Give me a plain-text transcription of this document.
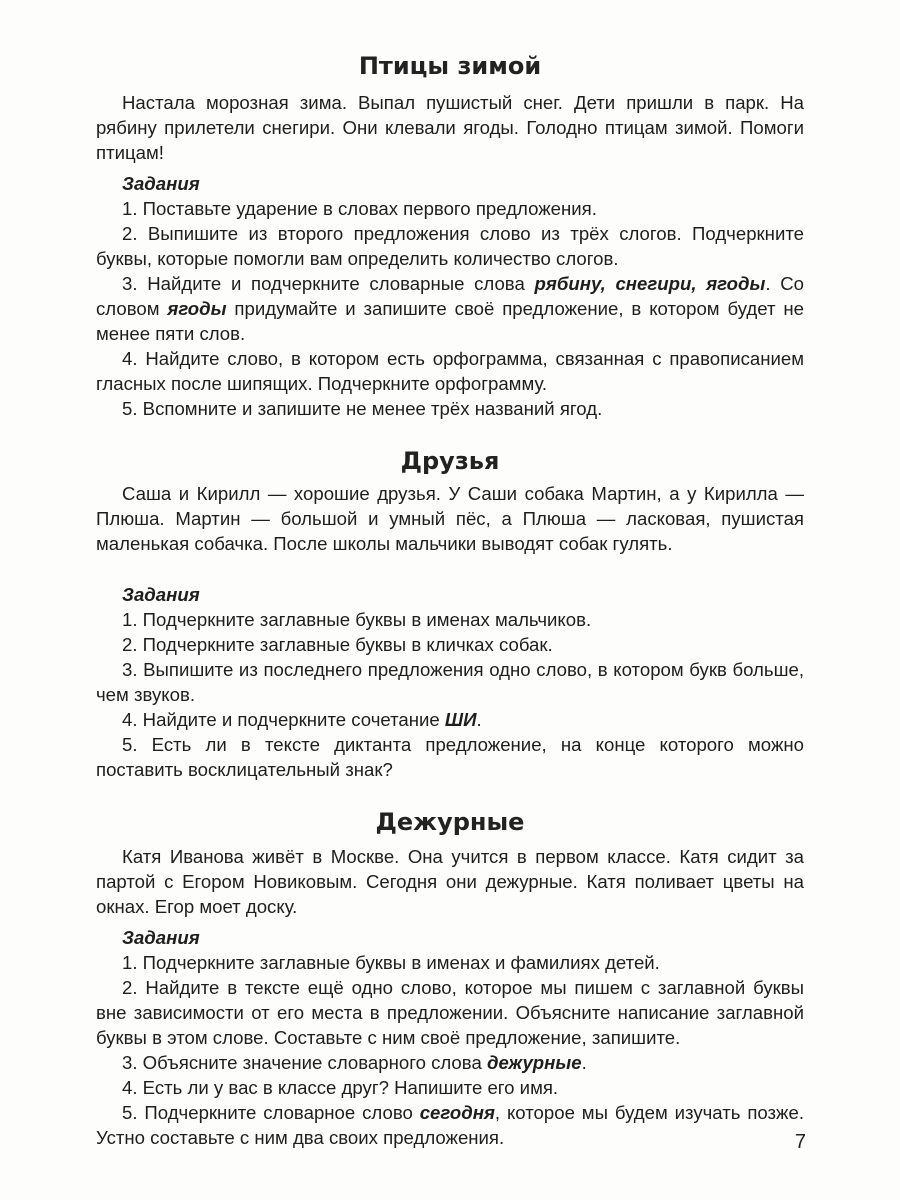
Птицы зимой

Настала морозная зима. Выпал пушистый снег. Дети пришли в парк. На рябину прилетели снегири. Они клевали ягоды. Голодно птицам зимой. Помоги птицам!

Задания
1. Поставьте ударение в словах первого предложения.
2. Выпишите из второго предложения слово из трёх слогов. Подчеркните буквы, которые помогли вам определить количество слогов.
3. Найдите и подчеркните словарные слова рябину, снегири, ягоды. Со словом ягоды придумайте и запишите своё предложение, в котором будет не менее пяти слов.
4. Найдите слово, в котором есть орфограмма, связанная с правописанием гласных после шипящих. Подчеркните орфограмму.
5. Вспомните и запишите не менее трёх названий ягод.
Друзья

Саша и Кирилл — хорошие друзья. У Саши собака Мартин, а у Кирилла — Плюша. Мартин — большой и умный пёс, а Плюша — ласковая, пушистая маленькая собачка. После школы мальчики выводят собак гулять.

Задания
1. Подчеркните заглавные буквы в именах мальчиков.
2. Подчеркните заглавные буквы в кличках собак.
3. Выпишите из последнего предложения одно слово, в котором букв больше, чем звуков.
4. Найдите и подчеркните сочетание ШИ.
5. Есть ли в тексте диктанта предложение, на конце которого можно поставить восклицательный знак?
Дежурные

Катя Иванова живёт в Москве. Она учится в первом классе. Катя сидит за партой с Егором Новиковым. Сегодня они дежурные. Катя поливает цветы на окнах. Егор моет доску.

Задания
1. Подчеркните заглавные буквы в именах и фамилиях детей.
2. Найдите в тексте ещё одно слово, которое мы пишем с заглавной буквы вне зависимости от его места в предложении. Объясните написание заглавной буквы в этом слове. Составьте с ним своё предложение, запишите.
3. Объясните значение словарного слова дежурные.
4. Есть ли у вас в классе друг? Напишите его имя.
5. Подчеркните словарное слово сегодня, которое мы будем изучать позже. Устно составьте с ним два своих предложения.	7
